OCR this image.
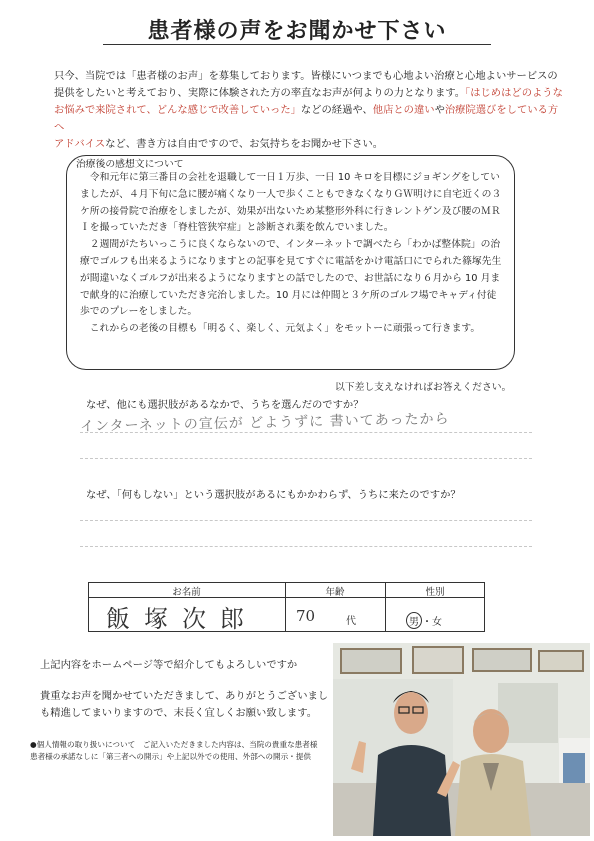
患者様の声をお聞かせ下さい
只今、当院では「患者様のお声」を募集しております。皆様にいつまでも心地よい治療と心地よいサービスの
提供をしたいと考えており、実際に体験された方の率直なお声が何よりの力となります。「はじめはどのような
お悩みで来院されて、どんな感じで改善していった」などの経過や、他店との違いや治療院選びをしている方へ
アドバイスなど、書き方は自由ですので、お気持ちをお聞かせ下さい。
治療後の感想文について

令和元年に第三番目の会社を退職して一日１万歩、一日 10 キロを目標にジョギングをしていましたが、４月下旬に急に腰が痛くなり一人で歩くこともできなくなりＧＷ明けに自宅近くの３ケ所の接骨院で治療をしましたが、効果が出ないため某整形外科に行きレントゲン及び腰のＭＲＩを撮っていただき「脊柱管狭窄症」と診断され薬を飲んでいました。

２週間がたちいっこうに良くならないので、インターネットで調べたら「わかば整体院」の治療でゴルフも出来るようになりますとの記事を見てすぐに電話をかけ電話口にでられた篠塚先生が間違いなくゴルフが出来るようになりますとの話でしたので、お世話になり６月から 10 月まで献身的に治療していただき完治しました。10 月には仲間と３ケ所のゴルフ場でキャディ付徒歩でのプレーをしました。

これからの老後の目標も「明るく、楽しく、元気よく」をモットーに頑張って行きます。

以下差し支えなければお答えください。
なぜ、他にも選択肢があるなかで、うちを選んだのですか？
インターネットの宣伝が どようずに 書いてあったから
なぜ、「何もしない」という選択肢があるにもかかわらず、うちに来たのですか？
お名前	年齢	性別
飯塚次郎	70	代	男 ・女
上記内容をホームページ等で紹介してもよろしいですか
貴重なお声を聞かせていただきまして、ありがとうございまし
も精進してまいりますので、末長く宜しくお願い致します。
●個人情報の取り扱いについて　ご記入いただきました内容は、当院の貴重な患者様
患者様の承諾なしに「第三者への開示」や上記以外での使用、外部への開示・提供
